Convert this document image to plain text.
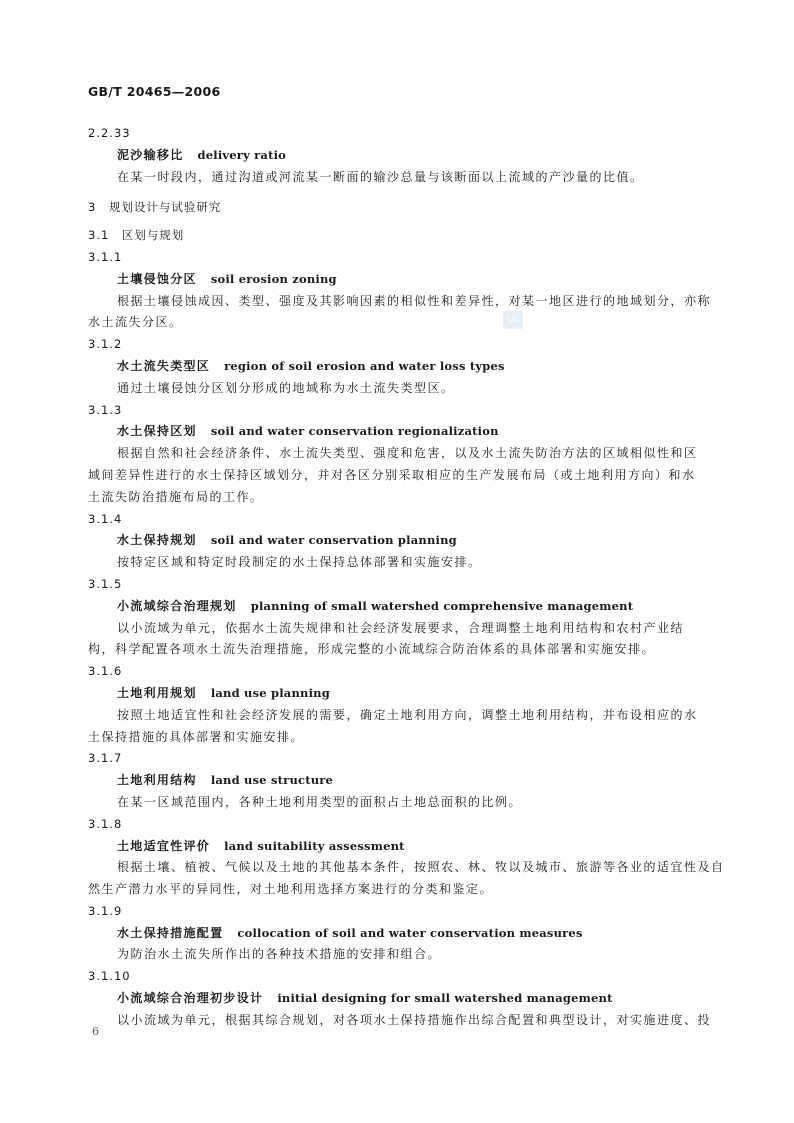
GB/T 20465—2006
2.2.33
泥沙输移比 delivery ratio
在某一时段内，通过沟道或河流某一断面的输沙总量与该断面以上流域的产沙量的比值。
3　规划设计与试验研究
3.1　区划与规划
3.1.1
土壤侵蚀分区 soil erosion zoning
根据土壤侵蚀成因、类型、强度及其影响因素的相似性和差异性，对某一地区进行的地域划分，亦称
水土流失分区。
3.1.2
水土流失类型区 region of soil erosion and water loss types
通过土壤侵蚀分区划分形成的地域称为水土流失类型区。
3.1.3
水土保持区划 soil and water conservation regionalization
根据自然和社会经济条件、水土流失类型、强度和危害，以及水土流失防治方法的区域相似性和区
域间差异性进行的水土保持区域划分，并对各区分别采取相应的生产发展布局（或土地利用方向）和水
土流失防治措施布局的工作。
3.1.4
水土保持规划 soil and water conservation planning
按特定区域和特定时段制定的水土保持总体部署和实施安排。
3.1.5
小流域综合治理规划 planning of small watershed comprehensive management
以小流域为单元，依据水土流失规律和社会经济发展要求，合理调整土地利用结构和农村产业结
构，科学配置各项水土流失治理措施，形成完整的小流域综合防治体系的具体部署和实施安排。
3.1.6
土地利用规划 land use planning
按照土地适宜性和社会经济发展的需要，确定土地利用方向，调整土地利用结构，并布设相应的水
土保持措施的具体部署和实施安排。
3.1.7
土地利用结构 land use structure
在某一区域范围内，各种土地利用类型的面积占土地总面积的比例。
3.1.8
土地适宜性评价 land suitability assessment
根据土壤、植被、气候以及土地的其他基本条件，按照农、林、牧以及城市、旅游等各业的适宜性及自
然生产潜力水平的异同性，对土地利用选择方案进行的分类和鉴定。
3.1.9
水土保持措施配置 collocation of soil and water conservation measures
为防治水土流失所作出的各种技术措施的安排和组合。
3.1.10
小流域综合治理初步设计 initial designing for small watershed management
以小流域为单元，根据其综合规划，对各项水土保持措施作出综合配置和典型设计，对实施进度、投
SAC
6
